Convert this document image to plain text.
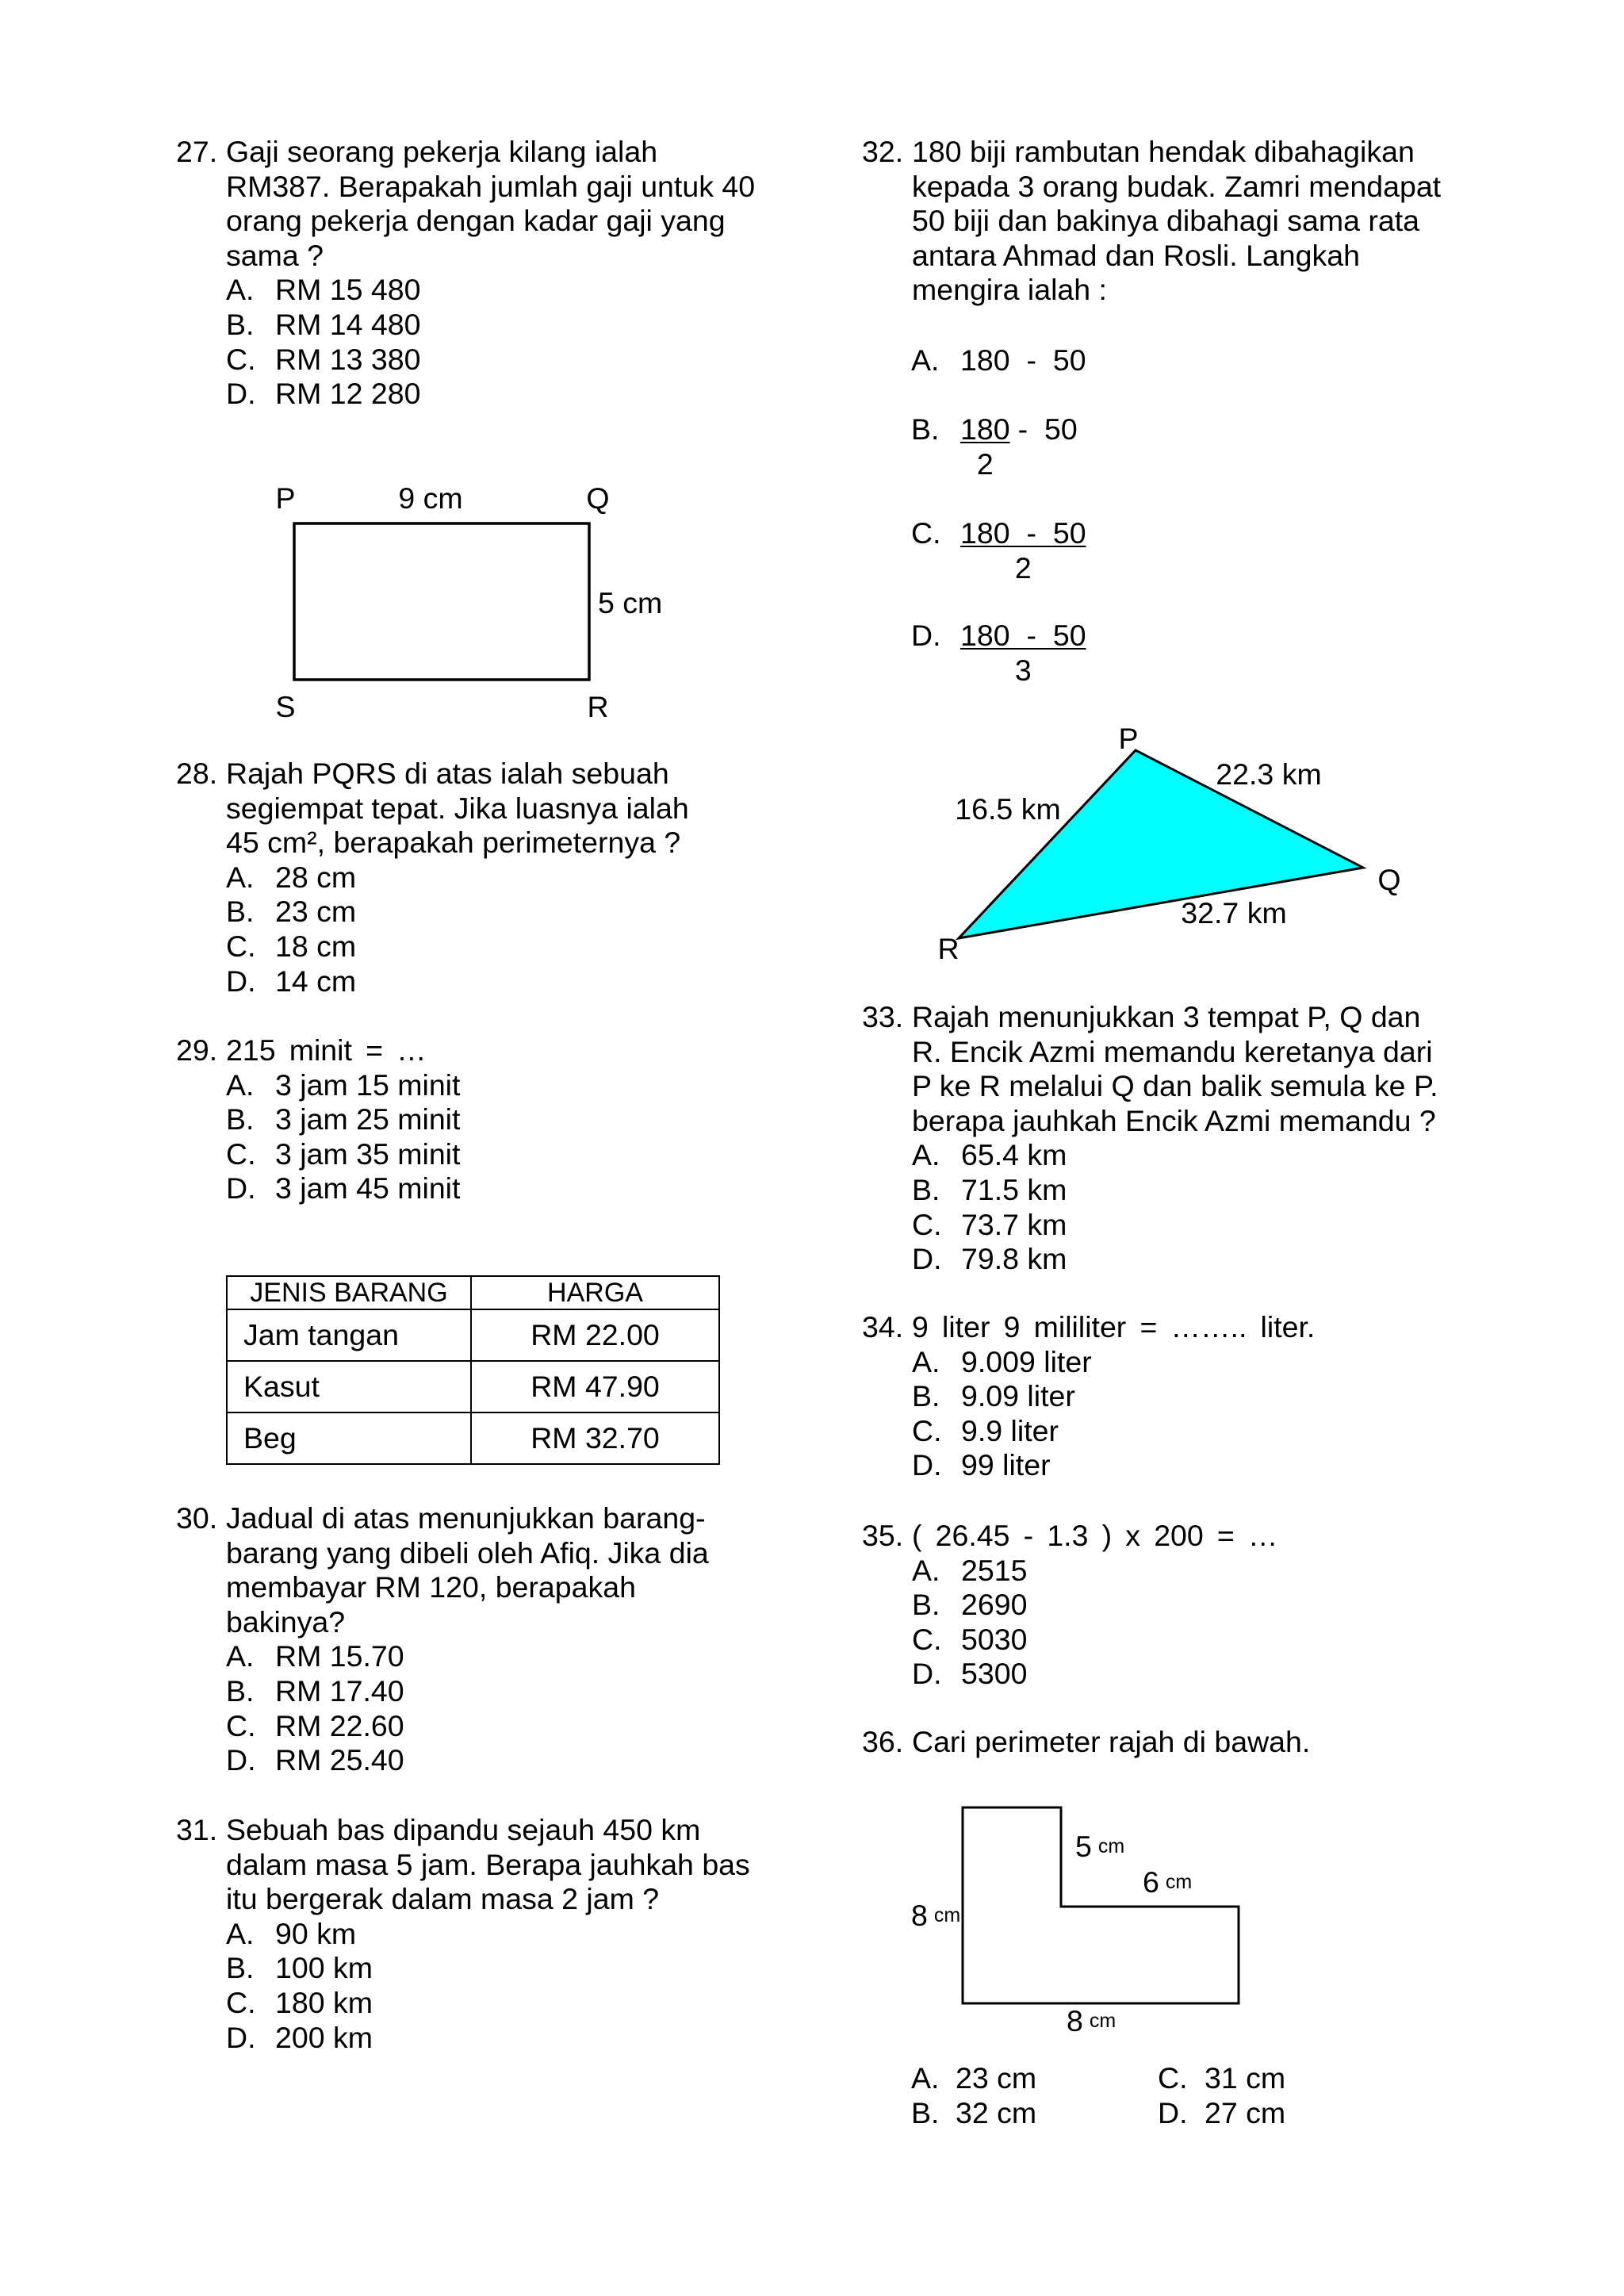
27. Gaji seorang pekerja kilang ialah
RM387. Berapakah jumlah gaji untuk 40
orang pekerja dengan kadar gaji yang
sama ?
A. RM 15 480
B. RM 14 480
C. RM 13 380
D. RM 12 280
P	9 cm	Q
5 cm
S	R
28. Rajah PQRS di atas ialah sebuah
segiempat tepat. Jika luasnya ialah
45 cm², berapakah perimeternya ?
A. 28 cm
B. 23 cm
C. 18 cm
D. 14 cm
29. 215 minit = …
A. 3 jam 15 minit
B. 3 jam 25 minit
C. 3 jam 35 minit
D. 3 jam 45 minit
JENIS BARANG	HARGA
Jam tangan	RM 22.00
Kasut	RM 47.90
Beg	RM 32.70
30. Jadual di atas menunjukkan barang-
barang yang dibeli oleh Afiq. Jika dia
membayar RM 120, berapakah
bakinya?
A. RM 15.70
B. RM 17.40
C. RM 22.60
D. RM 25.40
31. Sebuah bas dipandu sejauh 450 km
dalam masa 5 jam. Berapa jauhkah bas
itu bergerak dalam masa 2 jam ?
A. 90 km
B. 100 km
C. 180 km
D. 200 km
32. 180 biji rambutan hendak dibahagikan
kepada 3 orang budak. Zamri mendapat
50 biji dan bakinya dibahagi sama rata
antara Ahmad dan Rosli. Langkah
mengira ialah :
A. 180 - 50
B. $\frac{180}{2} - 50$
C. $\frac{180 - 50}{2}$
D. $\frac{180 - 50}{3}$
P
Q
R
22.3 km
16.5 km
32.7 km
33. Rajah menunjukkan 3 tempat P, Q dan
R. Encik Azmi memandu keretanya dari
P ke R melalui Q dan balik semula ke P.
berapa jauhkah Encik Azmi memandu ?
A. 65.4 km
B. 71.5 km
C. 73.7 km
D. 79.8 km
34. 9 liter 9 mililiter = …….. liter.
A. 9.009 liter
B. 9.09 liter
C. 9.9 liter
D. 99 liter
35. ( 26.45 - 1.3 ) x 200 = …
A. 2515
B. 2690
C. 5030
D. 5300
36. Cari perimeter rajah di bawah.
5 cm
6 cm
8 cm
8 cm
A. 23 cm
B. 32 cm
C. 31 cm
D. 27 cm
